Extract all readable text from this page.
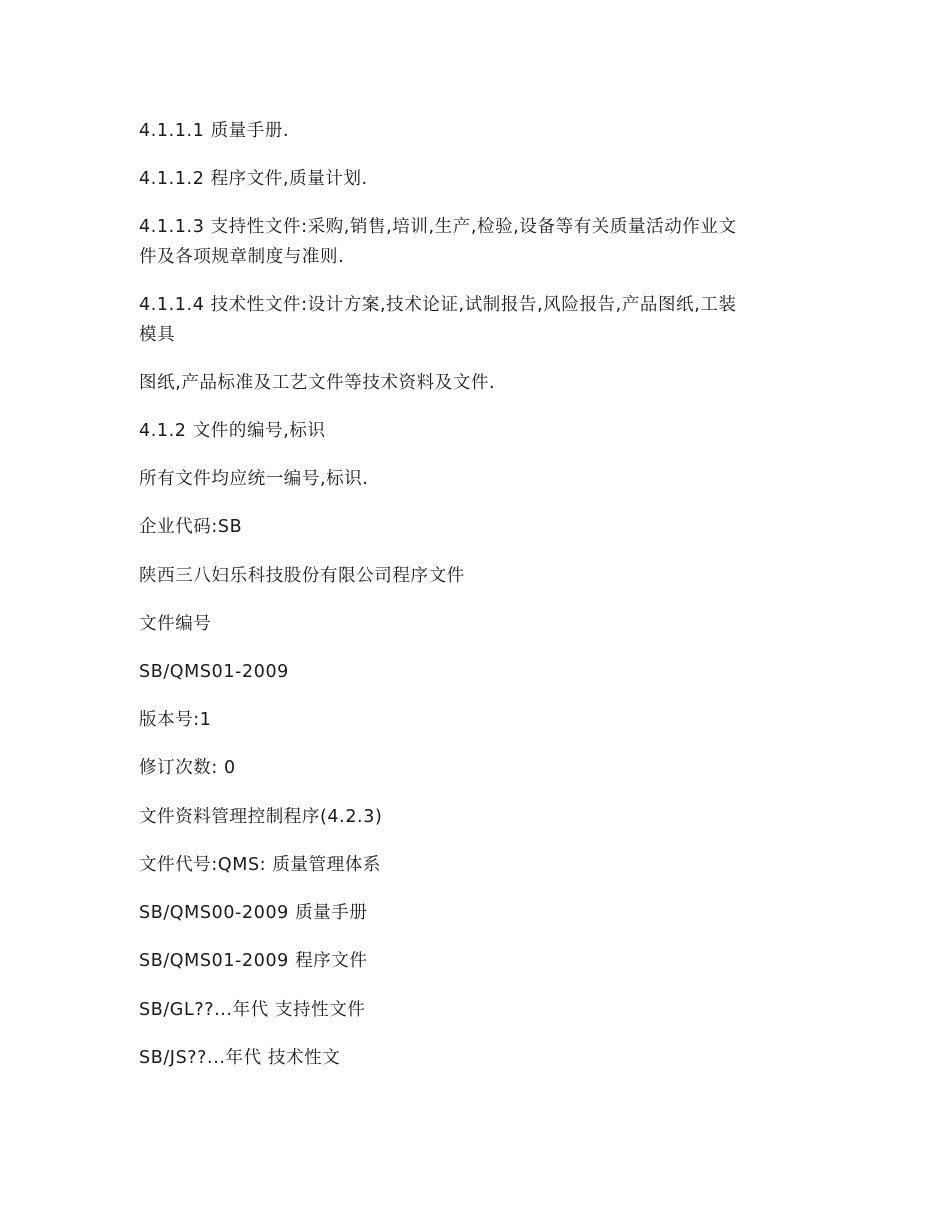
4.1.1.1 质量手册.

4.1.1.2 程序文件,质量计划.

4.1.1.3 支持性文件:采购,销售,培训,生产,检验,设备等有关质量活动作业文
件及各项规章制度与准则.

4.1.1.4 技术性文件:设计方案,技术论证,试制报告,风险报告,产品图纸,工装
模具

图纸,产品标准及工艺文件等技术资料及文件.

4.1.2 文件的编号,标识

所有文件均应统一编号,标识.

企业代码:SB

陕西三八妇乐科技股份有限公司程序文件

文件编号

SB/QMS01-2009

版本号:1

修订次数: 0

文件资料管理控制程序(4.2.3)

文件代号:QMS: 质量管理体系

SB/QMS00-2009 质量手册

SB/QMS01-2009 程序文件

SB/GL??...年代 支持性文件

SB/JS??...年代 技术性文
